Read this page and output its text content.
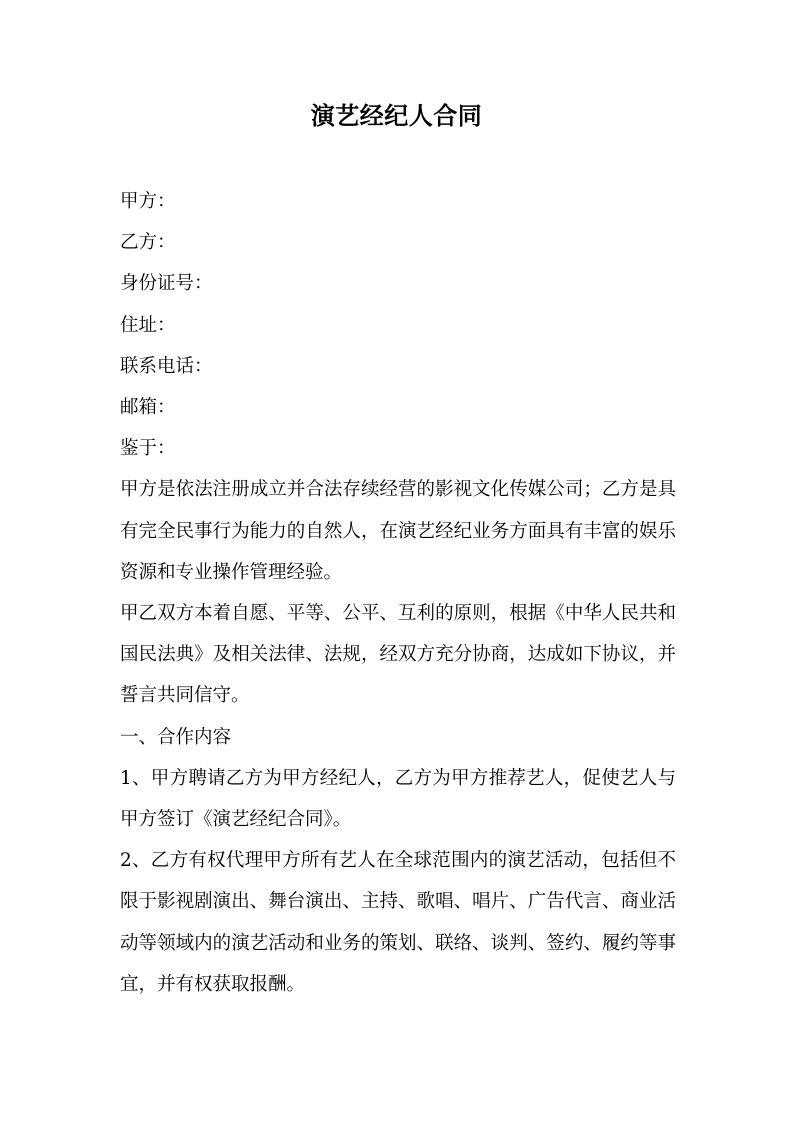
演艺经纪人合同

甲方：

乙方：

身份证号：

住址：

联系电话：

邮箱：

鉴于：

甲方是依法注册成立并合法存续经营的影视文化传媒公司；乙方是具有完全民事行为能力的自然人，在演艺经纪业务方面具有丰富的娱乐资源和专业操作管理经验。

甲乙双方本着自愿、平等、公平、互利的原则，根据《中华人民共和国民法典》及相关法律、法规，经双方充分协商，达成如下协议，并誓言共同信守。

一、合作内容

1、甲方聘请乙方为甲方经纪人，乙方为甲方推荐艺人，促使艺人与甲方签订《演艺经纪合同》。

2、乙方有权代理甲方所有艺人在全球范围内的演艺活动，包括但不限于影视剧演出、舞台演出、主持、歌唱、唱片、广告代言、商业活动等领域内的演艺活动和业务的策划、联络、谈判、签约、履约等事宜，并有权获取报酬。
